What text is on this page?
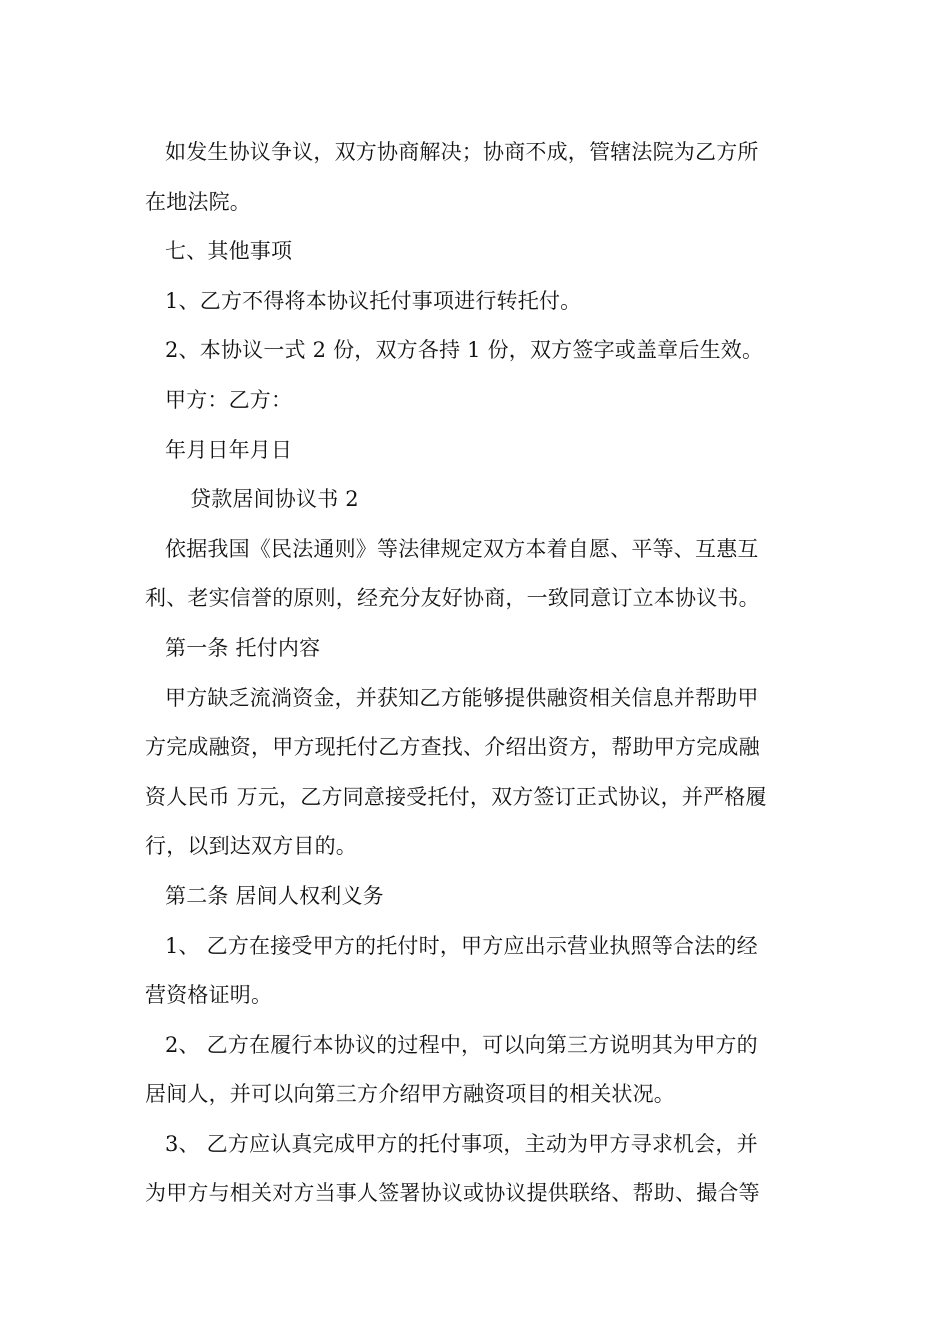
如发生协议争议，双方协商解决；协商不成，管辖法院为乙方所

在地法院。

七、其他事项

1、乙方不得将本协议托付事项进行转托付。

2、本协议一式 2 份，双方各持 1 份，双方签字或盖章后生效。

甲方：乙方：

年月日年月日

贷款居间协议书 2

依据我国《民法通则》等法律规定双方本着自愿、平等、互惠互

利、老实信誉的原则，经充分友好协商，一致同意订立本协议书。

第一条 托付内容

甲方缺乏流淌资金，并获知乙方能够提供融资相关信息并帮助甲

方完成融资，甲方现托付乙方查找、介绍出资方，帮助甲方完成融

资人民币 万元，乙方同意接受托付，双方签订正式协议，并严格履

行，以到达双方目的。

第二条 居间人权利义务

1、 乙方在接受甲方的托付时，甲方应出示营业执照等合法的经

营资格证明。

2、 乙方在履行本协议的过程中，可以向第三方说明其为甲方的

居间人，并可以向第三方介绍甲方融资项目的相关状况。

3、 乙方应认真完成甲方的托付事项，主动为甲方寻求机会，并

为甲方与相关对方当事人签署协议或协议提供联络、帮助、撮合等
